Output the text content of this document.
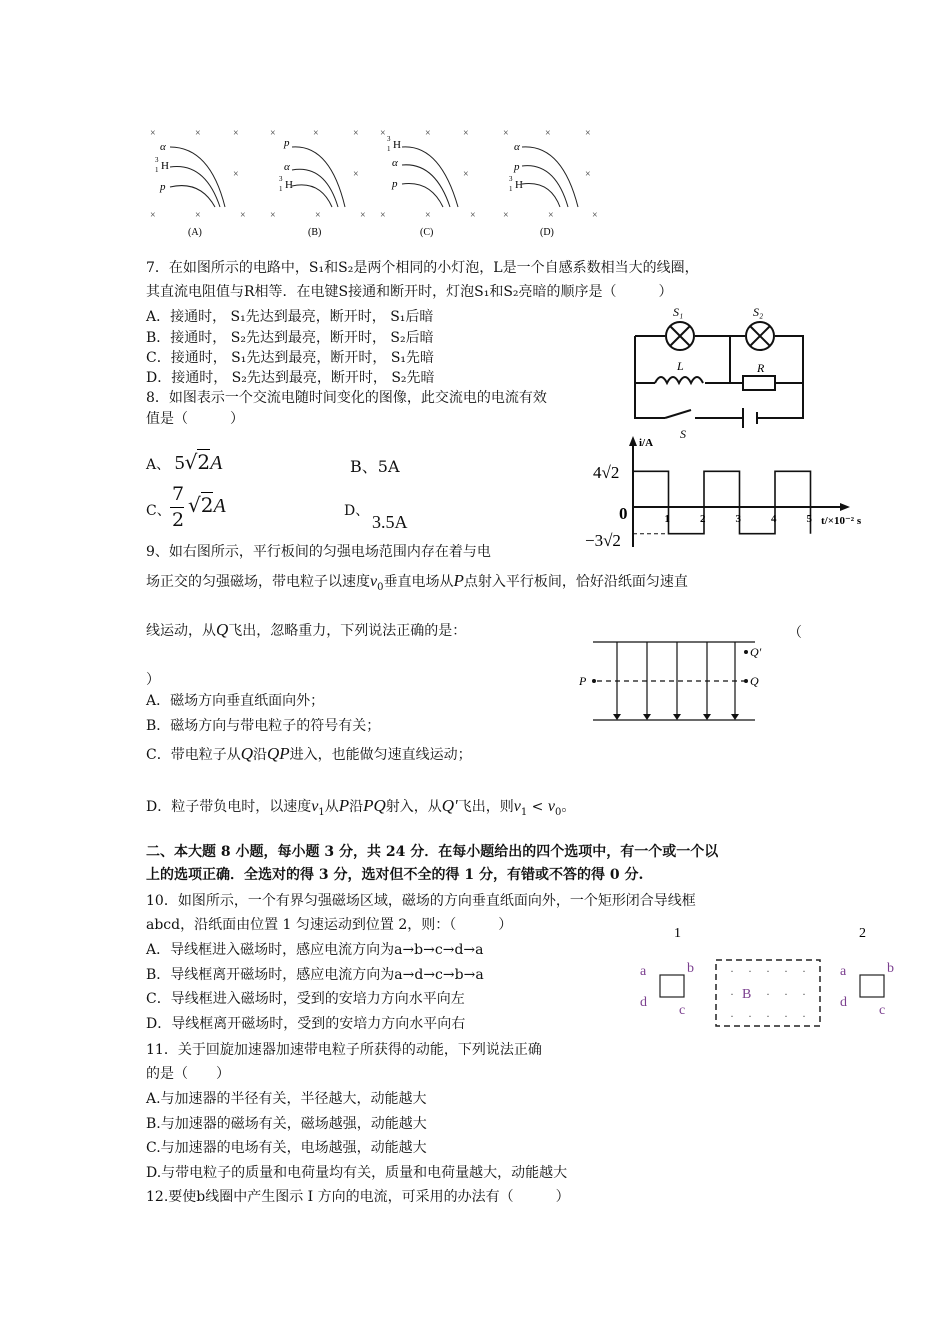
×	×	×	×	×	× ×	×	×	×	×	×
×	×	×	×
×	×	× ×	×	× ×	×	×	×	×	×
α
H
p
p
α
H
H
α
p
α
p
H
3
1
3
1
3
1
3
1
(A)	(B)	(C)	(D)
7．在如图所示的电路中，S₁和S₂是两个相同的小灯泡，L是一个自感系数相当大的线圈，
其直流电阻值与R相等．在电键S接通和断开时，灯泡S₁和S₂亮暗的顺序是（　　　）
A．接通时， S₁先达到最亮，断开时， S₁后暗
B．接通时， S₂先达到最亮，断开时， S₂后暗
C．接通时， S₁先达到最亮，断开时， S₁先暗
D．接通时， S₂先达到最亮，断开时， S₂先暗
S₁	S₂
L	R
S
8．如图表示一个交流电随时间变化的图像，此交流电的电流有效
值是（　　　）
A、 5√2A	B、5A
C、
7
2
√2A	D、
3.5A
i/A
t/×10⁻² s
0
4√2
−3√2
1	2	3	4	5
9、如右图所示，平行板间的匀强电场范围内存在着与电
场正交的匀强磁场，带电粒子以速度$v_0$垂直电场从P点射入平行板间，恰好沿纸面匀速直
线运动，从Q飞出，忽略重力，下列说法正确的是：	（
）
A．磁场方向垂直纸面向外；
B．磁场方向与带电粒子的符号有关；
C．带电粒子从Q沿QP进入，也能做匀速直线运动；
D．粒子带负电时，以速度$v_1$从P沿PQ射入，从Q'飞出，则$v_1 < v_0$。
P	Q
Q'
二、本大题 8 小题，每小题 3 分，共 24 分．在每小题给出的四个选项中，有一个或一个以
上的选项正确．全选对的得 3 分，选对但不全的得 1 分，有错或不答的得 0 分.
10．如图所示，一个有界匀强磁场区域，磁场的方向垂直纸面向外，一个矩形闭合导线框
abcd，沿纸面由位置 1 匀速运动到位置 2，则：（　　　）
A．导线框进入磁场时，感应电流方向为a→b→c→d→a
B．导线框离开磁场时，感应电流方向为a→d→c→b→a
C．导线框进入磁场时，受到的安培力方向水平向左
D．导线框离开磁场时，受到的安培力方向水平向右
1	2
a	b
c
d
a	b
c
d
B
· · · · ·
·	· · ·
· · · · ·
11．关于回旋加速器加速带电粒子所获得的动能，下列说法正确
的是（　　）
A.与加速器的半径有关，半径越大，动能越大
B.与加速器的磁场有关，磁场越强，动能越大
C.与加速器的电场有关，电场越强，动能越大
D.与带电粒子的质量和电荷量均有关，质量和电荷量越大，动能越大
12.要使b线圈中产生图示 I 方向的电流，可采用的办法有（　　　）
